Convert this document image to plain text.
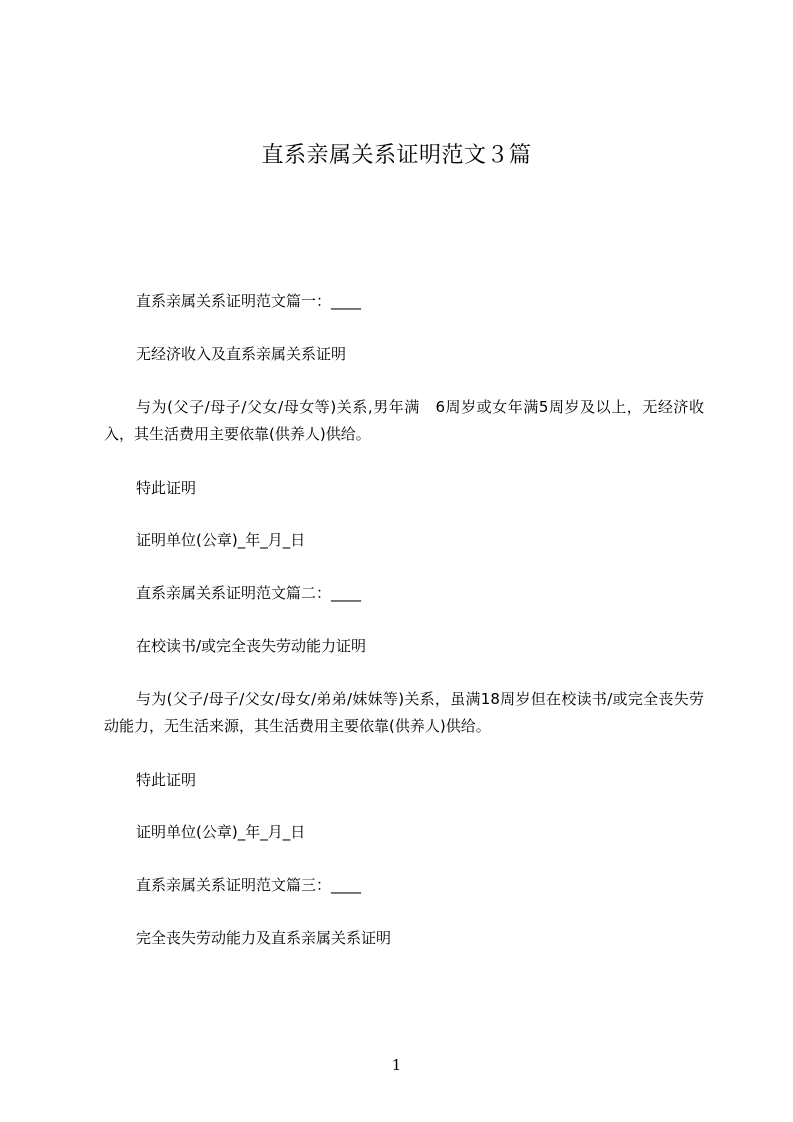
直系亲属关系证明范文３篇

直系亲属关系证明范文篇一：____

无经济收入及直系亲属关系证明

与为(父子/母子/父女/母女等)关系,男年满　6周岁或女年满5周岁及以上，无经济收入，其生活费用主要依靠(供养人)供给。

特此证明

证明单位(公章)_年_月_日

直系亲属关系证明范文篇二：____

在校读书/或完全丧失劳动能力证明

与为(父子/母子/父女/母女/弟弟/妹妹等)关系，虽满18周岁但在校读书/或完全丧失劳动能力，无生活来源，其生活费用主要依靠(供养人)供给。

特此证明

证明单位(公章)_年_月_日

直系亲属关系证明范文篇三：____

完全丧失劳动能力及直系亲属关系证明

1
